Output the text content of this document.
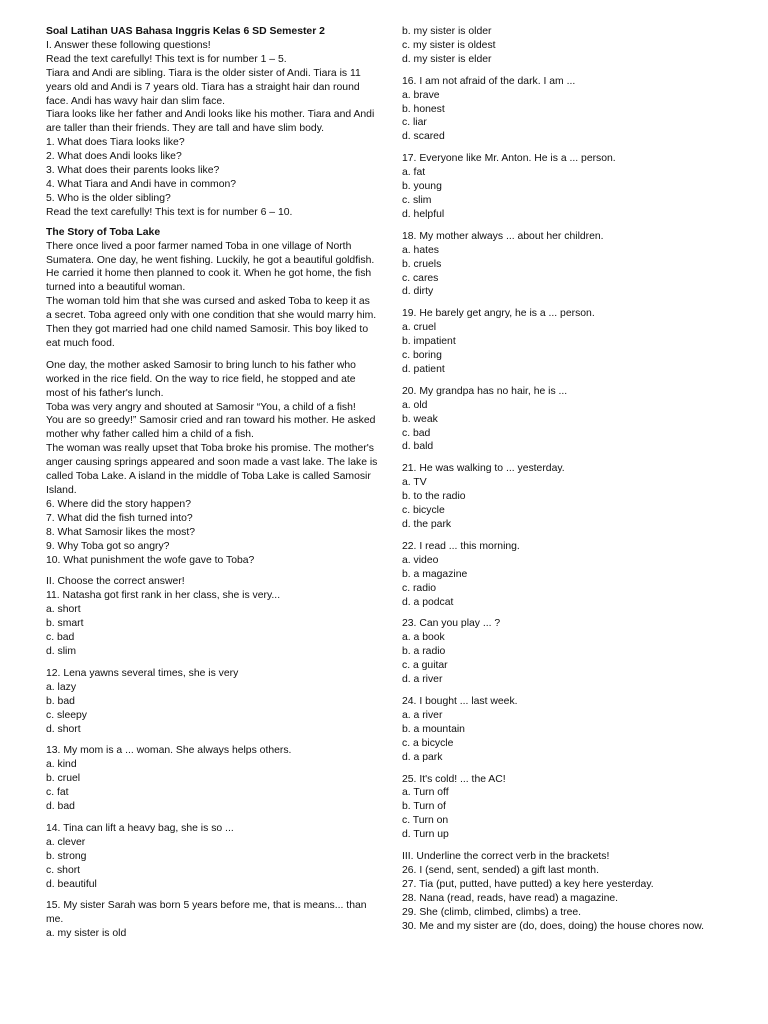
Soal Latihan UAS Bahasa Inggris Kelas 6 SD Semester 2
I. Answer these following questions!
Read the text carefully! This text is for number 1 – 5.
Tiara and Andi are sibling. Tiara is the older sister of Andi. Tiara is 11
years old and Andi is 7 years old. Tiara has a straight hair dan round
face. Andi has wavy hair dan slim face.
Tiara looks like her father and Andi looks like his mother. Tiara and Andi
are taller than their friends. They are tall and have slim body.
1. What does Tiara looks like?
2. What does Andi looks like?
3. What does their parents looks like?
4. What Tiara and Andi have in common?
5. Who is the older sibling?
Read the text carefully! This text is for number 6 – 10.
The Story of Toba Lake
There once lived a poor farmer named Toba in one village of North
Sumatera. One day, he went fishing. Luckily, he got a beautiful goldfish.
He carried it home then planned to cook it. When he got home, the fish
turned into a beautiful woman.
The woman told him that she was cursed and asked Toba to keep it as
a secret. Toba agreed only with one condition that she would marry him.
Then they got married had one child named Samosir. This boy liked to
eat much food.
One day, the mother asked Samosir to bring lunch to his father who
worked in the rice field. On the way to rice field, he stopped and ate
most of his father's lunch.
Toba was very angry and shouted at Samosir “You, a child of a fish!
You are so greedy!” Samosir cried and ran toward his mother. He asked
mother why father called him a child of a fish.
The woman was really upset that Toba broke his promise. The mother's
anger causing springs appeared and soon made a vast lake. The lake is
called Toba Lake. A island in the middle of Toba Lake is called Samosir
Island.
6. Where did the story happen?
7. What did the fish turned into?
8. What Samosir likes the most?
9. Why Toba got so angry?
10. What punishment the wofe gave to Toba?
II. Choose the correct answer!
11. Natasha got first rank in her class, she is very...
a. short
b. smart
c. bad
d. slim
12. Lena yawns several times, she is very
a. lazy
b. bad
c. sleepy
d. short
13. My mom is a ... woman. She always helps others.
a. kind
b. cruel
c. fat
d. bad
14. Tina can lift a heavy bag, she is so ...
a. clever
b. strong
c. short
d. beautiful
15. My sister Sarah was born 5 years before me, that is means... than
me.
a. my sister is old
b. my sister is older
c. my sister is oldest
d. my sister is elder
16. I am not afraid of the dark. I am ...
a. brave
b. honest
c. liar
d. scared
17. Everyone like Mr. Anton. He is a ... person.
a. fat
b. young
c. slim
d. helpful
18. My mother always ... about her children.
a. hates
b. cruels
c. cares
d. dirty
19. He barely get angry, he is a ... person.
a. cruel
b. impatient
c. boring
d. patient
20. My grandpa has no hair, he is ...
a. old
b. weak
c. bad
d. bald
21. He was walking to ... yesterday.
a. TV
b. to the radio
c. bicycle
d. the park
22. I read ... this morning.
a. video
b. a magazine
c. radio
d. a podcat
23. Can you play ... ?
a. a book
b. a radio
c. a guitar
d. a river
24. I bought ... last week.
a. a river
b. a mountain
c. a bicycle
d. a park
25. It's cold! ... the AC!
a. Turn off
b. Turn of
c. Turn on
d. Turn up
III. Underline the correct verb in the brackets!
26. I (send, sent, sended) a gift last month.
27. Tia (put, putted, have putted) a key here yesterday.
28. Nana (read, reads, have read) a magazine.
29. She (climb, climbed, climbs) a tree.
30. Me and my sister are (do, does, doing) the house chores now.
